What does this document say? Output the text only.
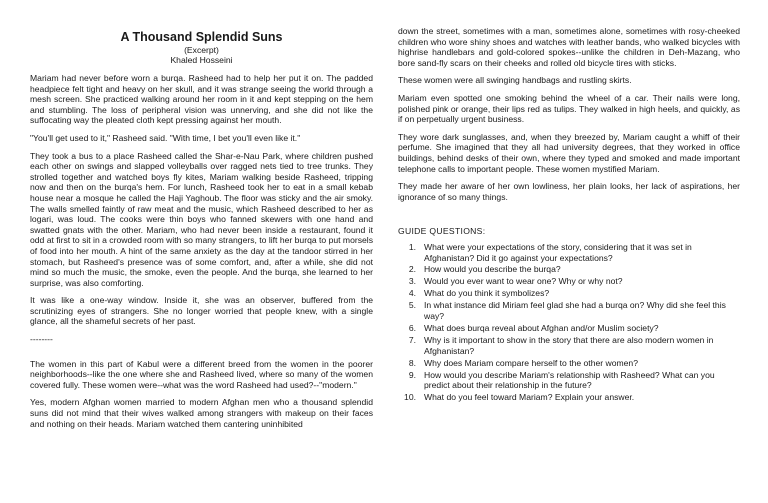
A Thousand Splendid Suns
(Excerpt)
Khaled Hosseini

Mariam had never before worn a burqa. Rasheed had to help her put it on. The padded headpiece felt tight and heavy on her skull, and it was strange seeing the world through a mesh screen. She practiced walking around her room in it and kept stepping on the hem and stumbling. The loss of peripheral vision was unnerving, and she did not like the suffocating way the pleated cloth kept pressing against her mouth.

"You'll get used to it," Rasheed said. "With time, I bet you'll even like it."

They took a bus to a place Rasheed called the Shar-e-Nau Park, where children pushed each other on swings and slapped volleyballs over ragged nets tied to tree trunks. They strolled together and watched boys fly kites, Mariam walking beside Rasheed, tripping now and then on the burqa's hem. For lunch, Rasheed took her to eat in a small kebab house near a mosque he called the Haji Yaghoub. The floor was sticky and the air smoky. The walls smelled faintly of raw meat and the music, which Rasheed described to her as logari, was loud. The cooks were thin boys who fanned skewers with one hand and swatted gnats with the other. Mariam, who had never been inside a restaurant, found it odd at first to sit in a crowded room with so many strangers, to lift her burqa to put morsels of food into her mouth. A hint of the same anxiety as the day at the tandoor stirred in her stomach, but Rasheed's presence was of some comfort, and, after a while, she did not mind so much the music, the smoke, even the people. And the burqa, she learned to her surprise, was also comforting.

It was like a one-way window. Inside it, she was an observer, buffered from the scrutinizing eyes of strangers. She no longer worried that people knew, with a single glance, all the shameful secrets of her past.

--------

The women in this part of Kabul were a different breed from the women in the poorer neighborhoods--like the one where she and Rasheed lived, where so many of the women covered fully. These women were--what was the word Rasheed had used?--"modern."

Yes, modern Afghan women married to modern Afghan men who a thousand splendid suns did not mind that their wives walked among strangers with makeup on their faces and nothing on their heads. Mariam watched them cantering uninhibited

down the street, sometimes with a man, sometimes alone, sometimes with rosy-cheeked children who wore shiny shoes and watches with leather bands, who walked bicycles with highrise handlebars and gold-colored spokes--unlike the children in Deh-Mazang, who bore sand-fly scars on their cheeks and rolled old bicycle tires with sticks.

These women were all swinging handbags and rustling skirts.

Mariam even spotted one smoking behind the wheel of a car. Their nails were long, polished pink or orange, their lips red as tulips. They walked in high heels, and quickly, as if on perpetually urgent business.

They wore dark sunglasses, and, when they breezed by, Mariam caught a whiff of their perfume. She imagined that they all had university degrees, that they worked in office buildings, behind desks of their own, where they typed and smoked and made important telephone calls to important people. These women mystified Mariam.

They made her aware of her own lowliness, her plain looks, her lack of aspirations, her ignorance of so many things.

GUIDE QUESTIONS:
1. What were your expectations of the story, considering that it was set in Afghanistan? Did it go against your expectations?
2. How would you describe the burqa?
3. Would you ever want to wear one? Why or why not?
4. What do you think it symbolizes?
5. In what instance did Miriam feel glad she had a burqa on? Why did she feel this way?
6. What does burqa reveal about Afghan and/or Muslim society?
7. Why is it important to show in the story that there are also modern women in Afghanistan?
8. Why does Mariam compare herself to the other women?
9. How would you describe Mariam's relationship with Rasheed? What can you predict about their relationship in the future?
10. What do you feel toward Mariam? Explain your answer.
